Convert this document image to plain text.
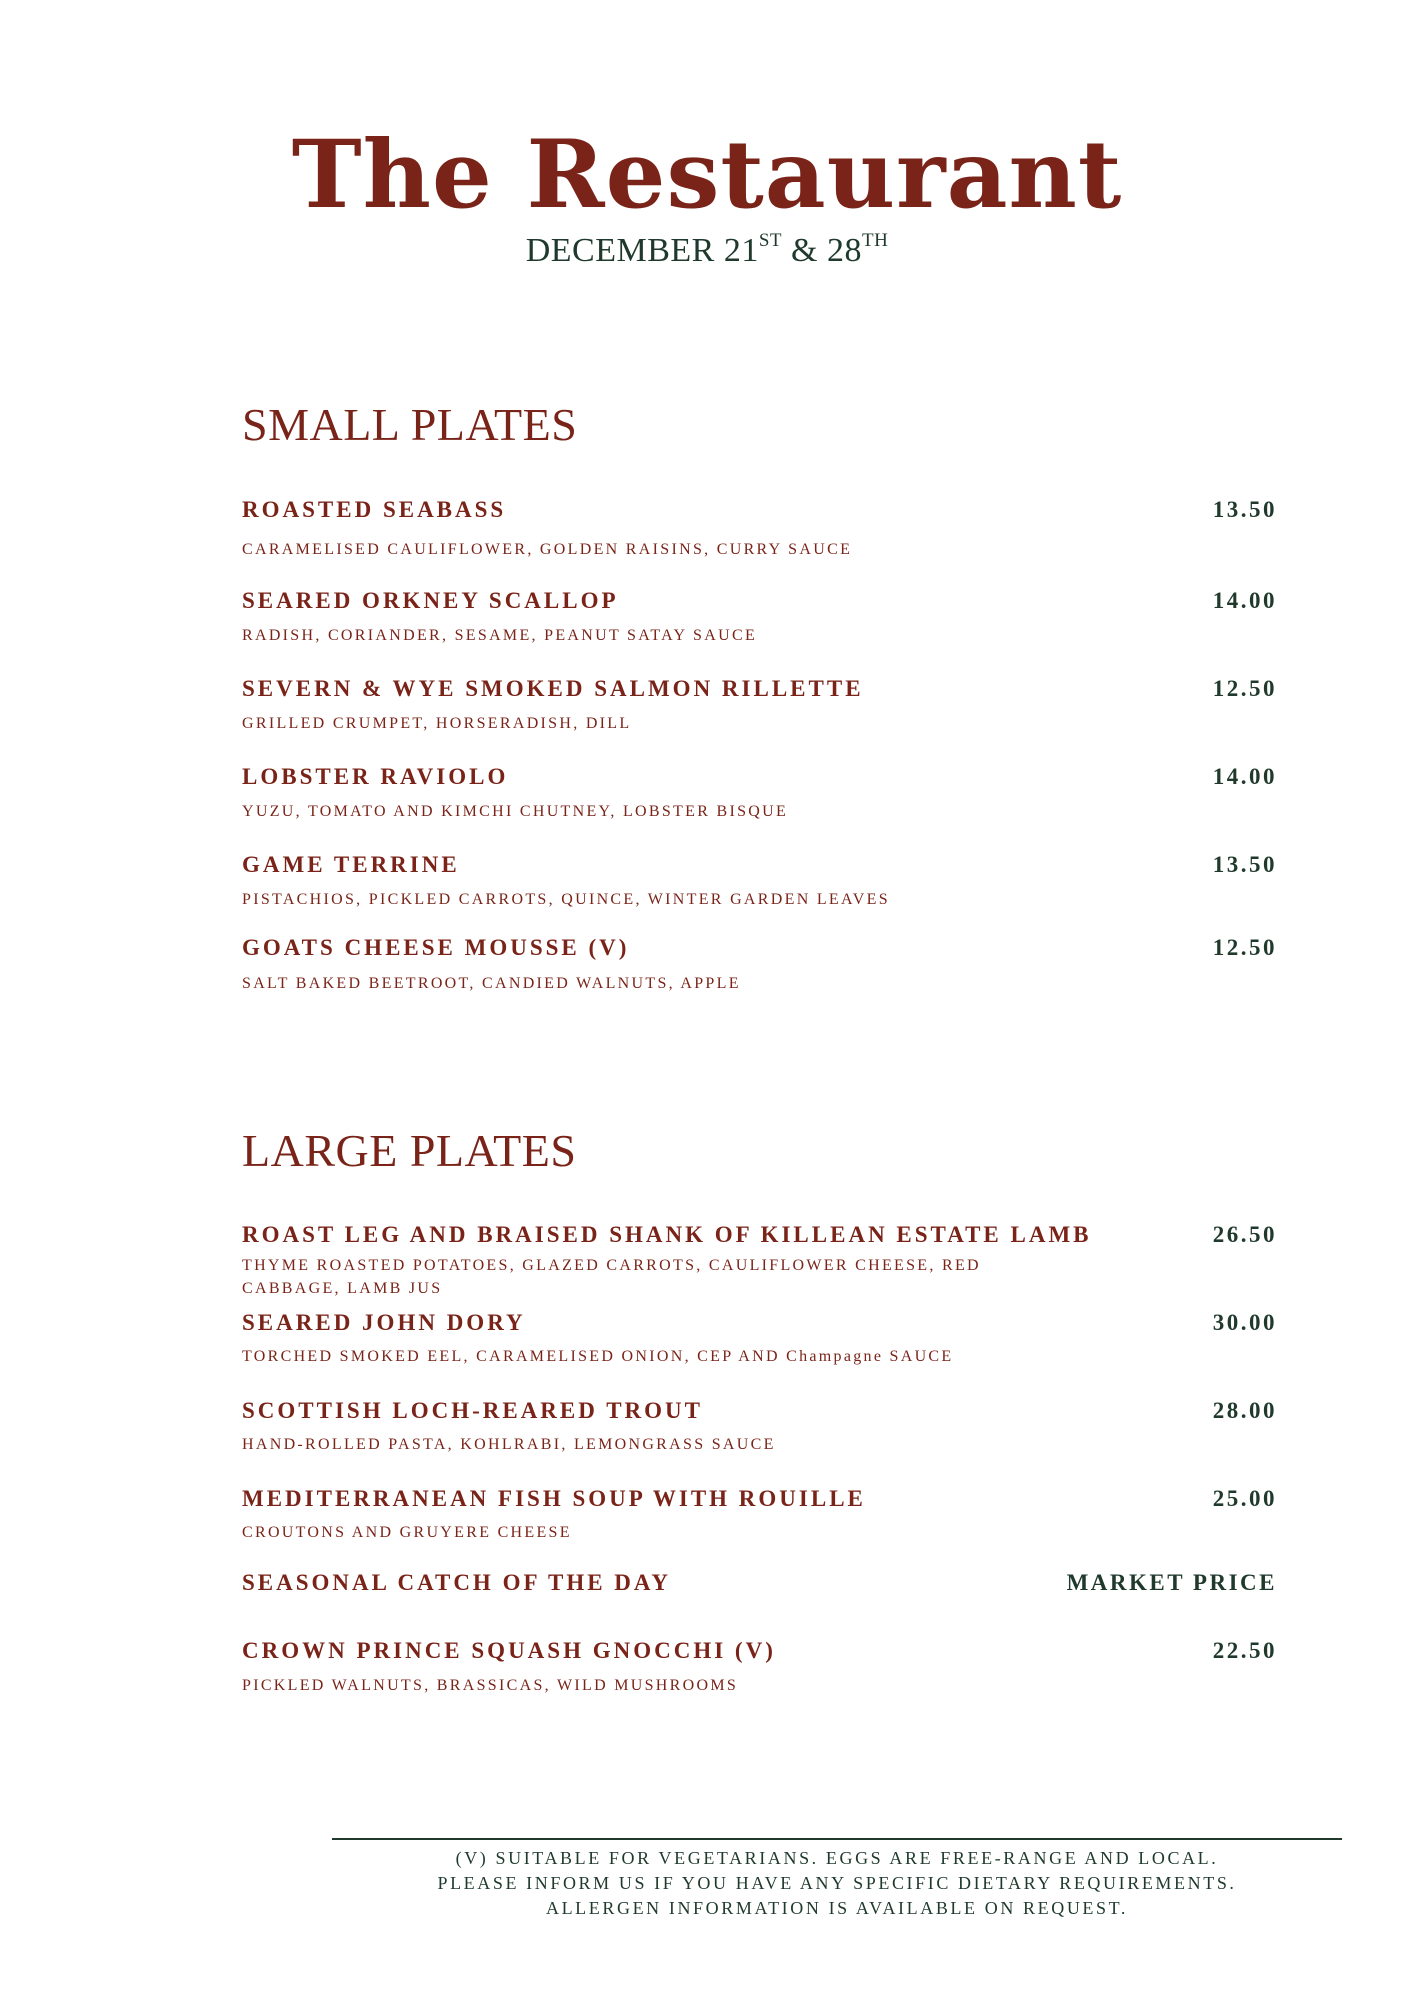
The Restaurant
DECEMBER 21ST & 28TH
SMALL PLATES
ROASTED SEABASS	13.50
CARAMELISED CAULIFLOWER, GOLDEN RAISINS, CURRY SAUCE
SEARED ORKNEY SCALLOP	14.00
RADISH, CORIANDER, SESAME, PEANUT SATAY SAUCE
SEVERN & WYE SMOKED SALMON RILLETTE	12.50
GRILLED CRUMPET, HORSERADISH, DILL
LOBSTER RAVIOLO	14.00
YUZU, TOMATO AND KIMCHI CHUTNEY, LOBSTER BISQUE
GAME TERRINE	13.50
PISTACHIOS, PICKLED CARROTS, QUINCE, WINTER GARDEN LEAVES
GOATS CHEESE MOUSSE (V)	12.50
SALT BAKED BEETROOT, CANDIED WALNUTS, APPLE
LARGE PLATES
ROAST LEG AND BRAISED SHANK OF KILLEAN ESTATE LAMB	26.50
THYME ROASTED POTATOES, GLAZED CARROTS, CAULIFLOWER CHEESE, RED CABBAGE, LAMB JUS
SEARED JOHN DORY	30.00
TORCHED SMOKED EEL, CARAMELISED ONION, CEP AND Champagne SAUCE
SCOTTISH LOCH-REARED TROUT	28.00
HAND-ROLLED PASTA, KOHLRABI, LEMONGRASS SAUCE
MEDITERRANEAN FISH SOUP WITH ROUILLE	25.00
CROUTONS AND GRUYERE CHEESE
SEASONAL CATCH OF THE DAY	MARKET PRICE
CROWN PRINCE SQUASH GNOCCHI (V)	22.50
PICKLED WALNUTS, BRASSICAS, WILD MUSHROOMS
(V) SUITABLE FOR VEGETARIANS. EGGS ARE FREE-RANGE AND LOCAL.
PLEASE INFORM US IF YOU HAVE ANY SPECIFIC DIETARY REQUIREMENTS.
ALLERGEN INFORMATION IS AVAILABLE ON REQUEST.
